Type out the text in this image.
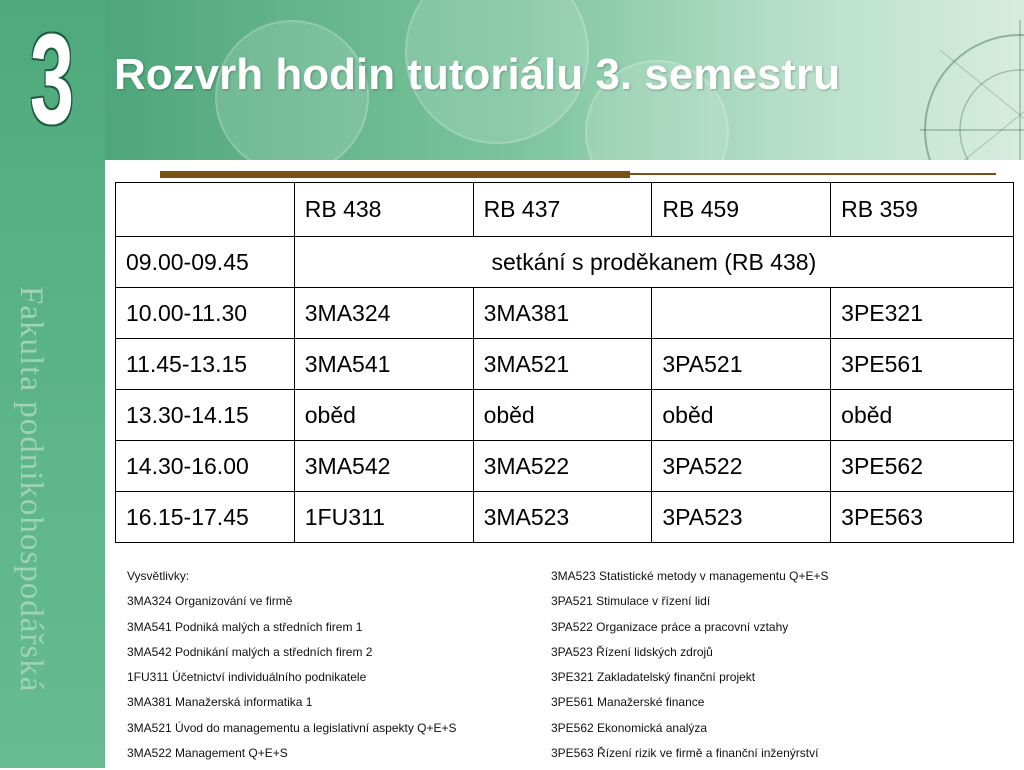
3
Fakulta podnikohospodářská
Rozvrh hodin tutoriálu 3. semestru
	RB 438	RB 437	RB 459	RB 359
09.00-09.45	setkání s proděkanem (RB 438)			
10.00-11.30	3MA324	3MA381		3PE321
11.45-13.15	3MA541	3MA521	3PA521	3PE561
13.30-14.15	oběd	oběd	oběd	oběd
14.30-16.00	3MA542	3MA522	3PA522	3PE562
16.15-17.45	1FU311	3MA523	3PA523	3PE563
Vysvětlivky:
3MA324 Organizování ve firmě
3MA541 Podniká malých a středních firem 1
3MA542 Podnikání malých a středních firem 2
1FU311 Účetnictví individuálního podnikatele
3MA381 Manažerská informatika 1
3MA521 Úvod do managementu a legislativní aspekty Q+E+S
3MA522 Management Q+E+S
3MA523 Statistické metody v managementu Q+E+S
3PA521 Stimulace v řízení lidí
3PA522 Organizace práce a pracovní vztahy
3PA523 Řízení lidských zdrojů
3PE321 Zakladatelský finanční projekt
3PE561 Manažerské finance
3PE562 Ekonomická analýza
3PE563 Řízení rizik ve firmě a finanční inženýrství
